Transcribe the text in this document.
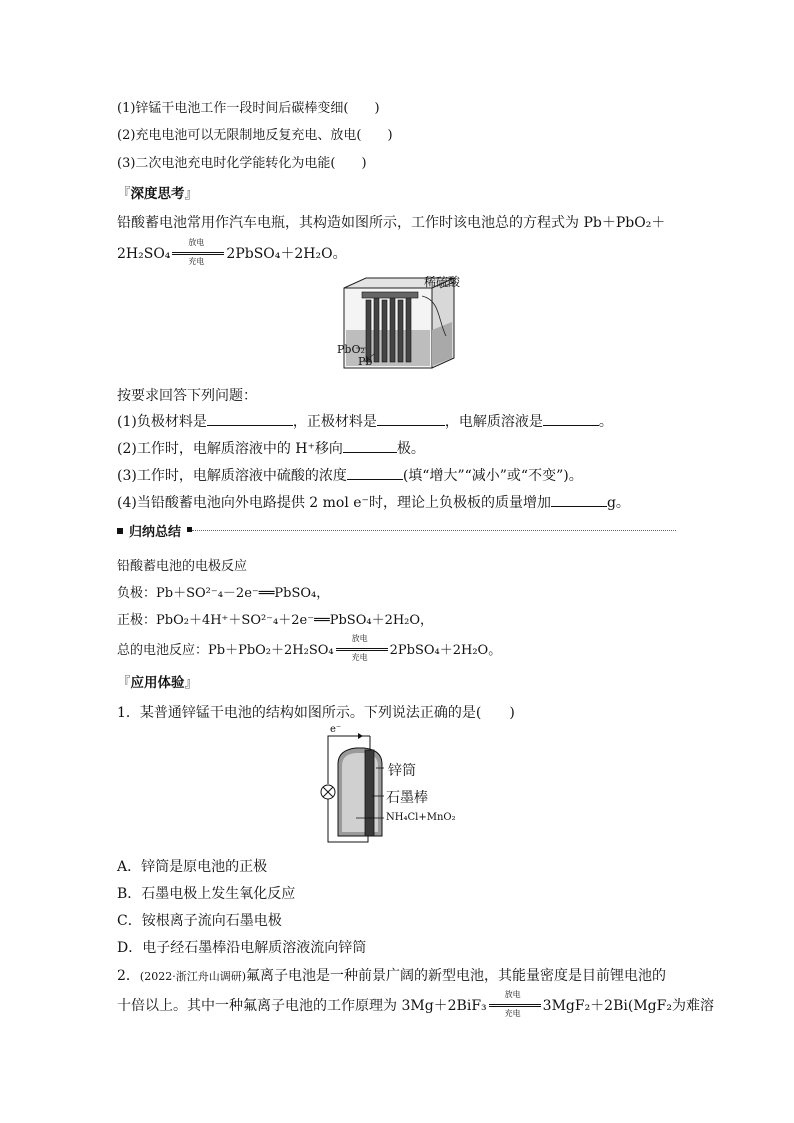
(1)锌锰干电池工作一段时间后碳棒变细(　　)
(2)充电电池可以无限制地反复充电、放电(　　)
(3)二次电池充电时化学能转化为电能(　　)
『深度思考』
铅酸蓄电池常用作汽车电瓶，其构造如图所示，工作时该电池总的方程式为 Pb＋PbO₂＋
2H₂SO₄
放电
充电 2PbSO₄＋2H₂O。
稀硫酸
PbO₂
Pb
按要求回答下列问题：
(1)负极材料是	，正极材料是	，电解质溶液是	。
(2)工作时，电解质溶液中的 H⁺移向	极。
(3)工作时，电解质溶液中硫酸的浓度	(填“增大”“减小”或“不变”)。
(4)当铅酸蓄电池向外电路提供 2 mol e⁻时，理论上负极板的质量增加	g。
归纳总结
铅酸蓄电池的电极反应
负极：Pb＋SO²⁻₄－2e⁻══PbSO₄，
正极：PbO₂＋4H⁺＋SO²⁻₄＋2e⁻══PbSO₄＋2H₂O，
总的电池反应：Pb＋PbO₂＋2H₂SO₄
放电
充电 2PbSO₄＋2H₂O。
『应用体验』
1．某普通锌锰干电池的结构如图所示。下列说法正确的是(　　)
e⁻
锌筒
石墨棒
NH₄Cl+MnO₂
A．锌筒是原电池的正极
B．石墨电极上发生氧化反应
C．铵根离子流向石墨电极
D．电子经石墨棒沿电解质溶液流向锌筒
2．(2022·浙江舟山调研)氟离子电池是一种前景广阔的新型电池，其能量密度是目前锂电池的
十倍以上。其中一种氟离子电池的工作原理为 3Mg＋2BiF₃
放电
充电 3MgF₂＋2Bi(MgF₂为难溶
